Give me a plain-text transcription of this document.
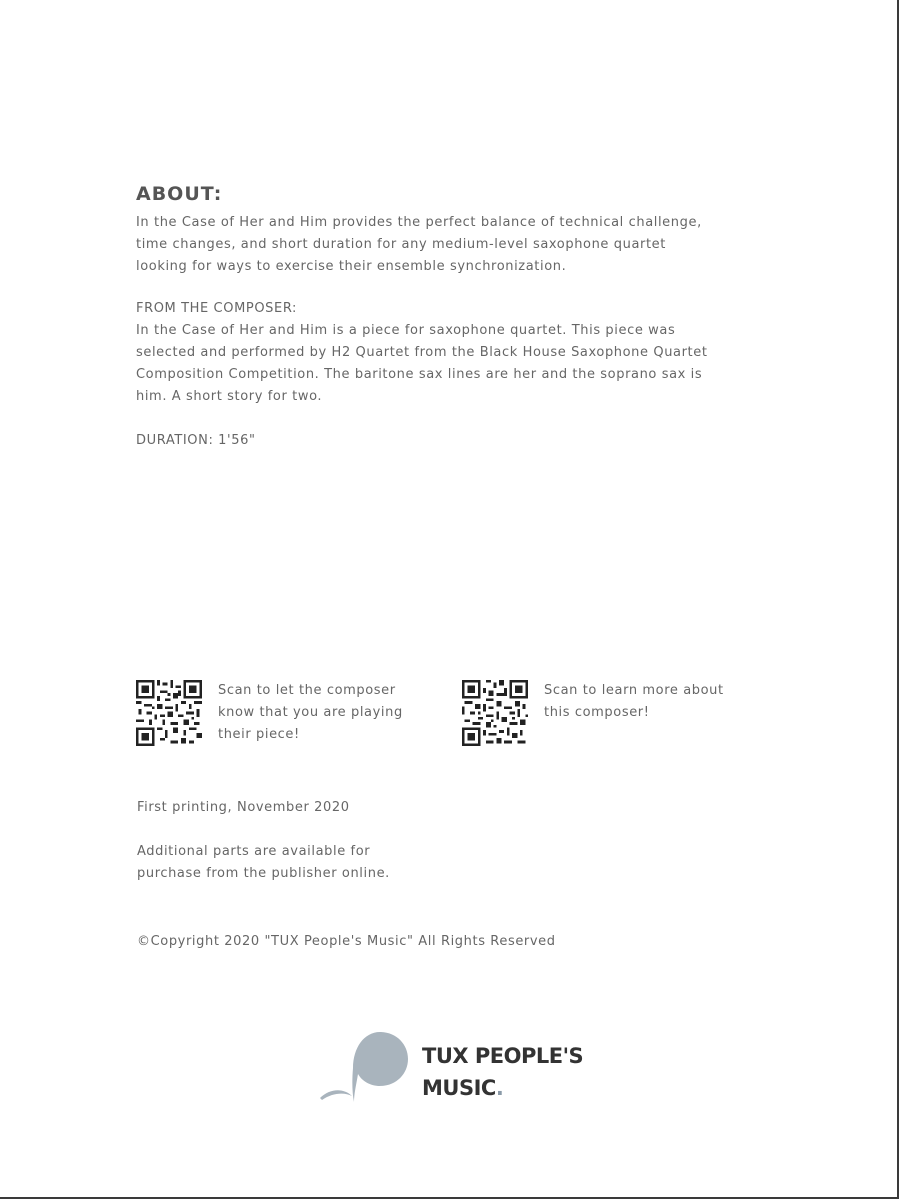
ABOUT:

In the Case of Her and Him provides the perfect balance of technical challenge,

time changes, and short duration for any medium-level saxophone quartet

looking for ways to exercise their ensemble synchronization.

FROM THE COMPOSER:

In the Case of Her and Him is a piece for saxophone quartet. This piece was

selected and performed by H2 Quartet from the Black House Saxophone Quartet

Composition Competition. The baritone sax lines are her and the soprano sax is

him. A short story for two.

DURATION: 1'56"

Scan to let the composer
know that you are playing
their piece!
Scan to learn more about
this composer!
First printing, November 2020
Additional parts are available for
purchase from the publisher online.
©Copyright 2020 "TUX People's Music" All Rights Reserved
TUX PEOPLE'S
MUSIC.
